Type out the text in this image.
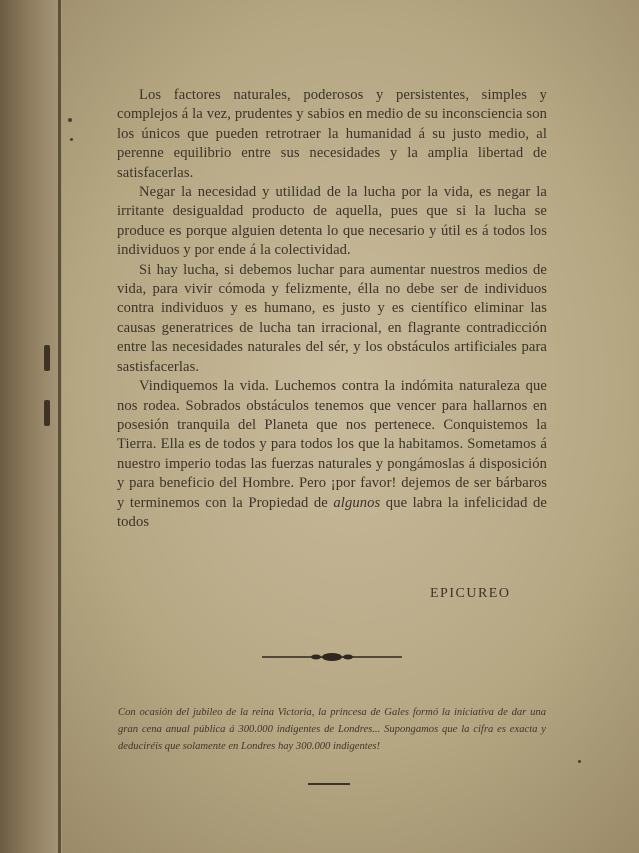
Los factores naturales, poderosos y persistentes, simples y complejos á la vez, prudentes y sabios en medio de su inconsciencia son los únicos que pueden retrotraer la humanidad á su justo medio, al perenne equilibrio entre sus necesidades y la amplia libertad de satisfacerlas.

Negar la necesidad y utilidad de la lucha por la vida, es negar la irritante desigualdad producto de aquella, pues que si la lucha se produce es porque alguien detenta lo que necesario y útil es á todos los individuos y por ende á la colectividad.

Si hay lucha, si debemos luchar para aumentar nuestros medios de vida, para vivir cómoda y felizmente, élla no debe ser de individuos contra individuos y es humano, es justo y es científico eliminar las causas generatrices de lucha tan irracional, en flagrante contradicción entre las necesidades naturales del sér, y los obstáculos artificiales para sastisfacerlas.

Vindiquemos la vida. Luchemos contra la indómita naturaleza que nos rodea. Sobrados obstáculos tenemos que vencer para hallarnos en posesión tranquila del Planeta que nos pertenece. Conquistemos la Tierra. Ella es de todos y para todos los que la habitamos. Sometamos á nuestro imperio todas las fuerzas naturales y pongámoslas á disposición y para beneficio del Hombre. Pero ¡por favor! dejemos de ser bárbaros y terminemos con la Propiedad de algunos que labra la infelicidad de todos

EPICUREO
Con ocasión del jubileo de la reina Victoria, la princesa de Gales formó la iniciativa de dar una gran cena anual pública á 300.000 indigentes de Londres... Supongamos que la cifra es exacta y deduciréis que solamente en Londres hay 300.000 indigentes!
